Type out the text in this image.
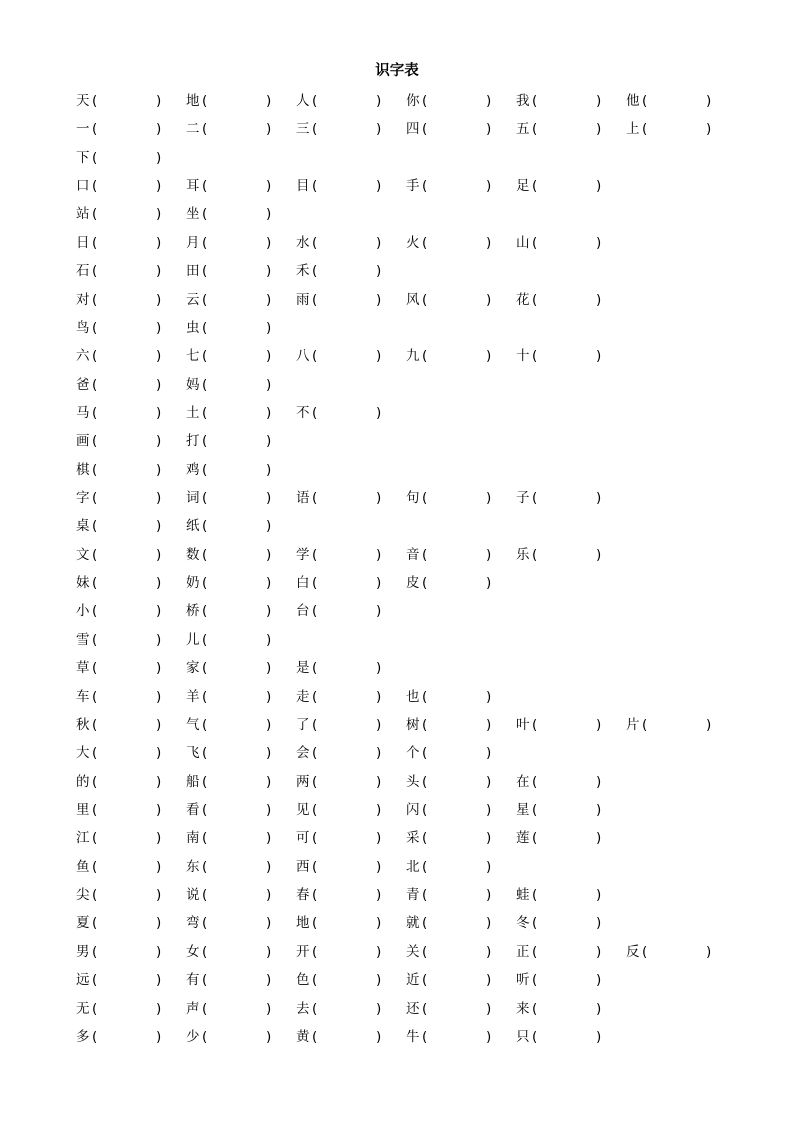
识字表
天 (	) 地 (	) 人 (	) 你 (	) 我 (	) 他 (	)
一 (	) 二 (	) 三 (	) 四 (	) 五 (	) 上 (	)
下 (	)
口 (	) 耳 (	) 目 (	) 手 (	) 足 (	)
站 (	) 坐 (	)
日 (	) 月 (	) 水 (	) 火 (	) 山 (	)
石 (	) 田 (	) 禾 (	)
对 (	) 云 (	) 雨 (	) 风 (	) 花 (	)
鸟 (	) 虫 (	)
六 (	) 七 (	) 八 (	) 九 (	) 十 (	)
爸 (	) 妈 (	)
马 (	) 土 (	) 不 (	)
画 (	) 打 (	)
棋 (	) 鸡 (	)
字 (	) 词 (	) 语 (	) 句 (	) 子 (	)
桌 (	) 纸 (	)
文 (	) 数 (	) 学 (	) 音 (	) 乐 (	)
妹 (	) 奶 (	) 白 (	) 皮 (	)
小 (	) 桥 (	) 台 (	)
雪 (	) 儿 (	)
草 (	) 家 (	) 是 (	)
车 (	) 羊 (	) 走 (	) 也 (	)
秋 (	) 气 (	) 了 (	) 树 (	) 叶 (	) 片 (	)
大 (	) 飞 (	) 会 (	) 个 (	)
的 (	) 船 (	) 两 (	) 头 (	) 在 (	)
里 (	) 看 (	) 见 (	) 闪 (	) 星 (	)
江 (	) 南 (	) 可 (	) 采 (	) 莲 (	)
鱼 (	) 东 (	) 西 (	) 北 (	)
尖 (	) 说 (	) 春 (	) 青 (	) 蛙 (	)
夏 (	) 弯 (	) 地 (	) 就 (	) 冬 (	)
男 (	) 女 (	) 开 (	) 关 (	) 正 (	) 反 (	)
远 (	) 有 (	) 色 (	) 近 (	) 听 (	)
无 (	) 声 (	) 去 (	) 还 (	) 来 (	)
多 (	) 少 (	) 黄 (	) 牛 (	) 只 (	)
